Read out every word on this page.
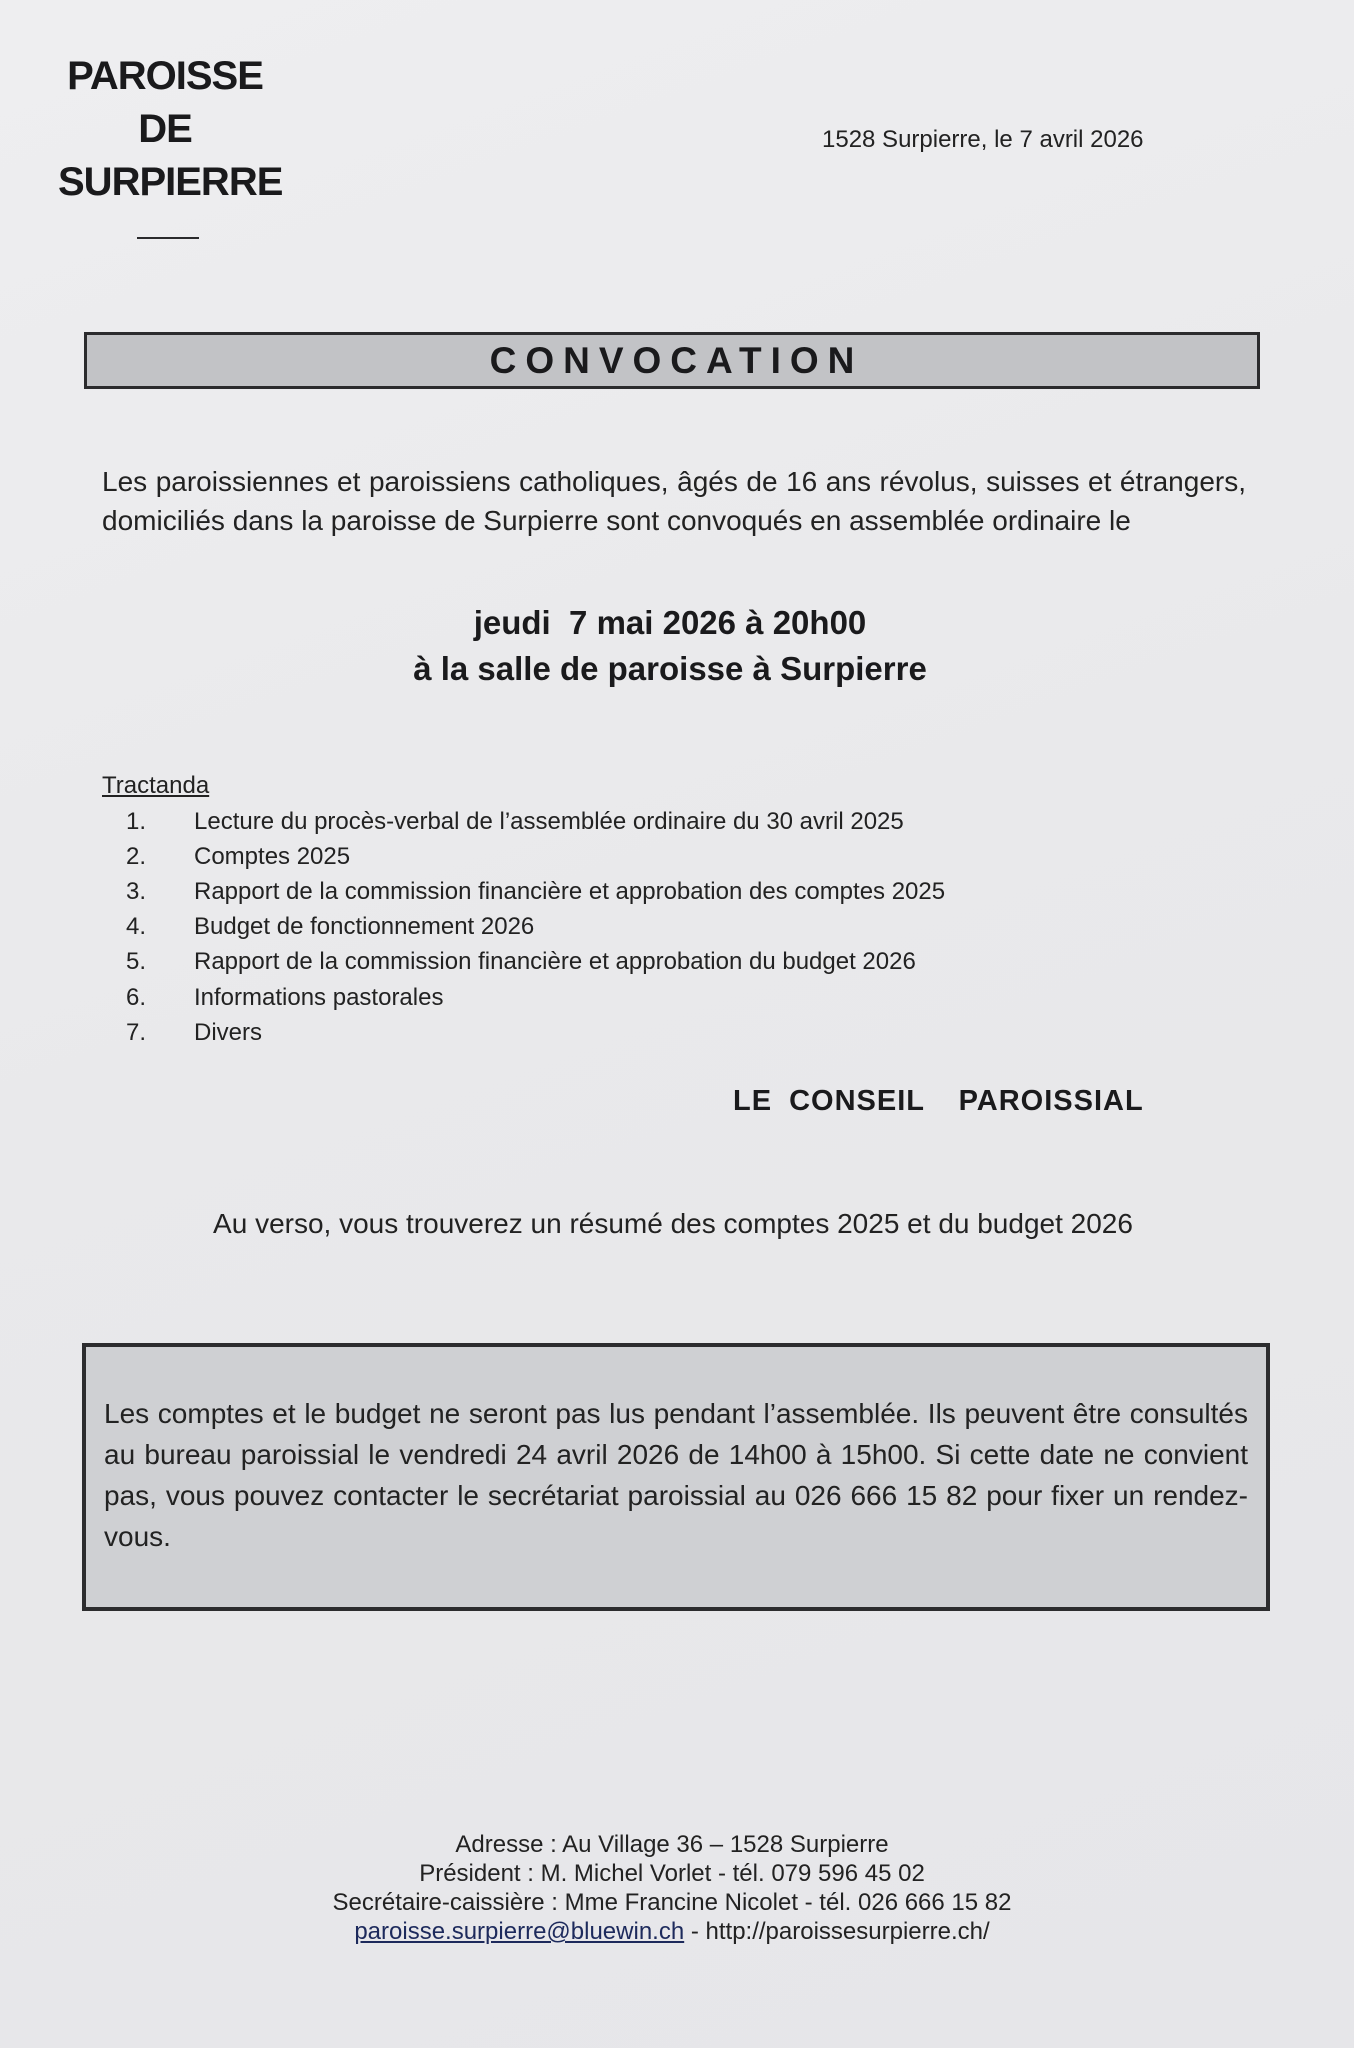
PAROISSE
DE
SURPIERRE
1528 Surpierre, le 7 avril 2026
CONVOCATION
Les paroissiennes et paroissiens catholiques, âgés de 16 ans révolus, suisses et étrangers, domiciliés dans la paroisse de Surpierre sont convoqués en assemblée ordinaire le
jeudi  7 mai 2026 à 20h00
à la salle de paroisse à Surpierre
Tractanda
1.	Lecture du procès-verbal de l’assemblée ordinaire du 30 avril 2025
2.	Comptes 2025
3.	Rapport de la commission financière et approbation des comptes 2025
4.	Budget de fonctionnement 2026
5.	Rapport de la commission financière et approbation du budget 2026
6.	Informations pastorales
7.	Divers
LE CONSEIL  PAROISSIAL
Au verso, vous trouverez un résumé des comptes 2025 et du budget 2026
Les comptes et le budget ne seront pas lus pendant l’assemblée. Ils peuvent être consultés au bureau paroissial le vendredi 24 avril 2026 de 14h00 à 15h00. Si cette date ne convient pas, vous pouvez contacter le secrétariat paroissial au 026 666 15 82 pour fixer un rendez-vous.
Adresse : Au Village 36 – 1528 Surpierre
Président : M. Michel Vorlet - tél. 079 596 45 02
Secrétaire-caissière : Mme Francine Nicolet - tél. 026 666 15 82
paroisse.surpierre@bluewin.ch - http://paroissesurpierre.ch/
